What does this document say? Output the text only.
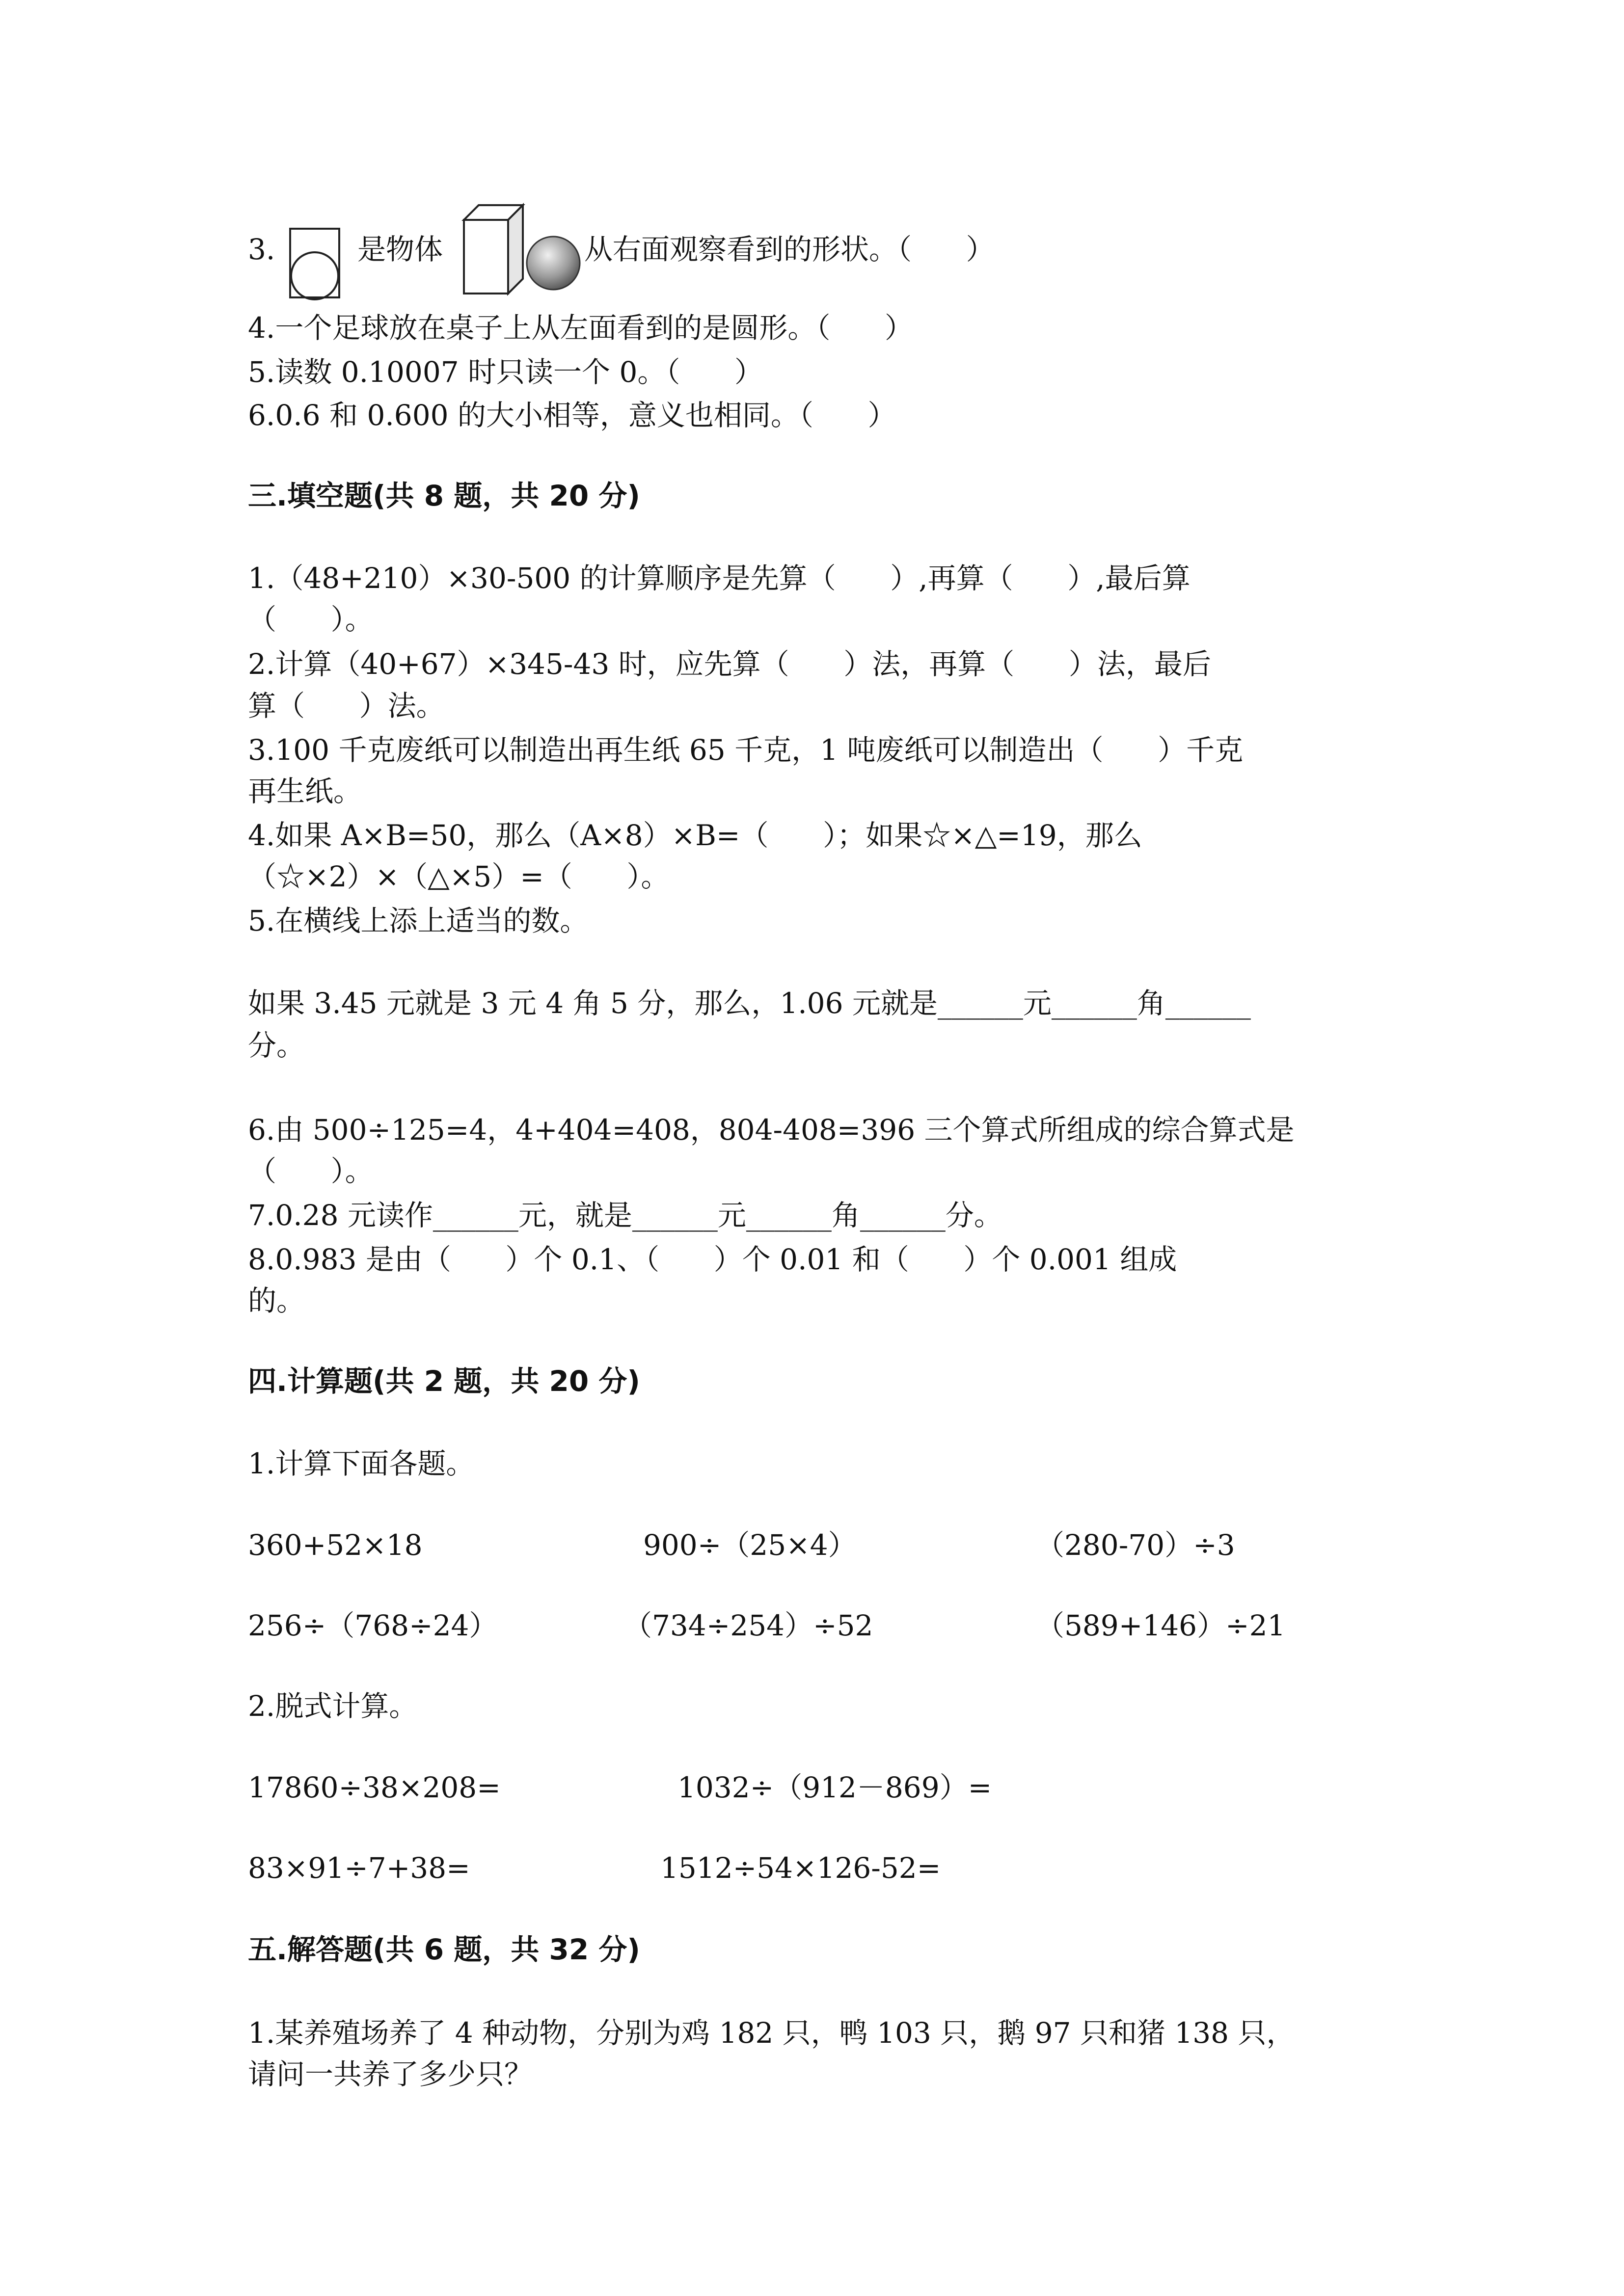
3.	是物体	从右面观察看到的形状。（      ）
4.一个足球放在桌子上从左面看到的是圆形。（      ）
5.读数 0.10007 时只读一个 0。（      ）
6.0.6 和 0.600 的大小相等，意义也相同。（      ）
三.填空题(共 8 题，共 20 分)
1.（48+210）×30-500 的计算顺序是先算（      ）,再算（      ）,最后算
（      ）。
2.计算（40+67）×345-43 时，应先算（      ）法，再算（      ）法，最后
算（      ）法。
3.100 千克废纸可以制造出再生纸 65 千克，1 吨废纸可以制造出（      ）千克
再生纸。
4.如果 A×B=50，那么（A×8）×B=（      ）；如果☆×△=19，那么
（☆×2）×（△×5）=（      ）。
5.在横线上添上适当的数。
如果 3.45 元就是 3 元 4 角 5 分，那么，1.06 元就是______元______角______
分。
6.由 500÷125=4，4+404=408，804-408=396 三个算式所组成的综合算式是
（      ）。
7.0.28 元读作______元，就是______元______角______分。
8.0.983 是由（      ）个 0.1、（      ）个 0.01 和（      ）个 0.001 组成
的。
四.计算题(共 2 题，共 20 分)
1.计算下面各题。
360+52×18	900÷（25×4）	（280-70）÷3
256÷（768÷24）	（734÷254）÷52	（589+146）÷21
2.脱式计算。
17860÷38×208=	1032÷（912－869）=
83×91÷7+38=	1512÷54×126-52=
五.解答题(共 6 题，共 32 分)
1.某养殖场养了 4 种动物，分别为鸡 182 只，鸭 103 只，鹅 97 只和猪 138 只，
请问一共养了多少只？
